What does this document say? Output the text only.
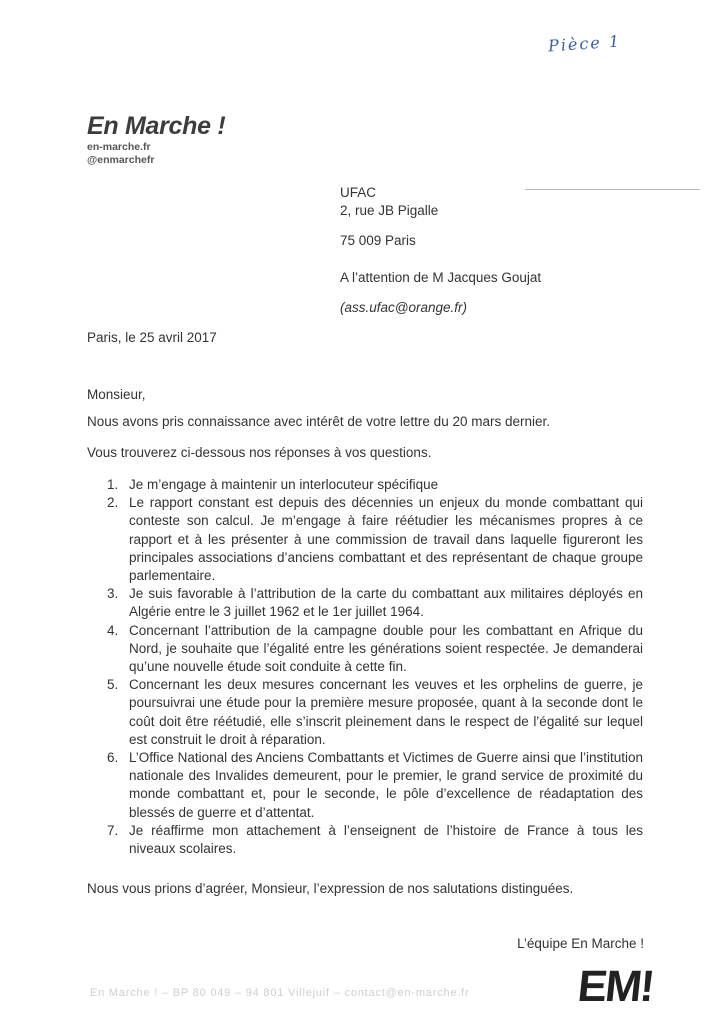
Pièce 1
En Marche !
en-marche.fr
@enmarchefr
UFAC
2, rue JB Pigalle
75 009 Paris
A l’attention de M Jacques Goujat
(ass.ufac@orange.fr)
Paris, le 25 avril 2017
Monsieur,
Nous avons pris connaissance avec intérêt de votre lettre du 20 mars dernier.
Vous trouverez ci-dessous nos réponses à vos questions.
1. Je m’engage à maintenir un interlocuteur spécifique
2. Le rapport constant est depuis des décennies un enjeux du monde combattant qui conteste son calcul. Je m’engage à faire réétudier les mécanismes propres à ce rapport et à les présenter à une commission de travail dans laquelle figureront les principales associations d’anciens combattant et des représentant de chaque groupe parlementaire.
3. Je suis favorable à l’attribution de la carte du combattant aux militaires déployés en Algérie entre le 3 juillet 1962 et le 1er juillet 1964.
4. Concernant l’attribution de la campagne double pour les combattant en Afrique du Nord, je souhaite que l’égalité entre les générations soient respectée. Je demanderai qu’une nouvelle étude soit conduite à cette fin.
5. Concernant les deux mesures concernant les veuves et les orphelins de guerre, je poursuivrai une étude pour la première mesure proposée, quant à la seconde dont le coût doit être réétudié, elle s’inscrit pleinement dans le respect de l’égalité sur lequel est construit le droit à réparation.
6. L’Office National des Anciens Combattants et Victimes de Guerre ainsi que l’institution nationale des Invalides demeurent, pour le premier, le grand service de proximité du monde combattant et, pour le seconde, le pôle d’excellence de réadaptation des blessés de guerre et d’attentat.
7. Je réaffirme mon attachement à l’enseignent de l’histoire de France à tous les niveaux scolaires.
Nous vous prions d’agréer, Monsieur, l’expression de nos salutations distinguées.
L’équipe En Marche !
En Marche ! – BP 80 049 – 94 801 Villejuif – contact@en-marche.fr EM!
